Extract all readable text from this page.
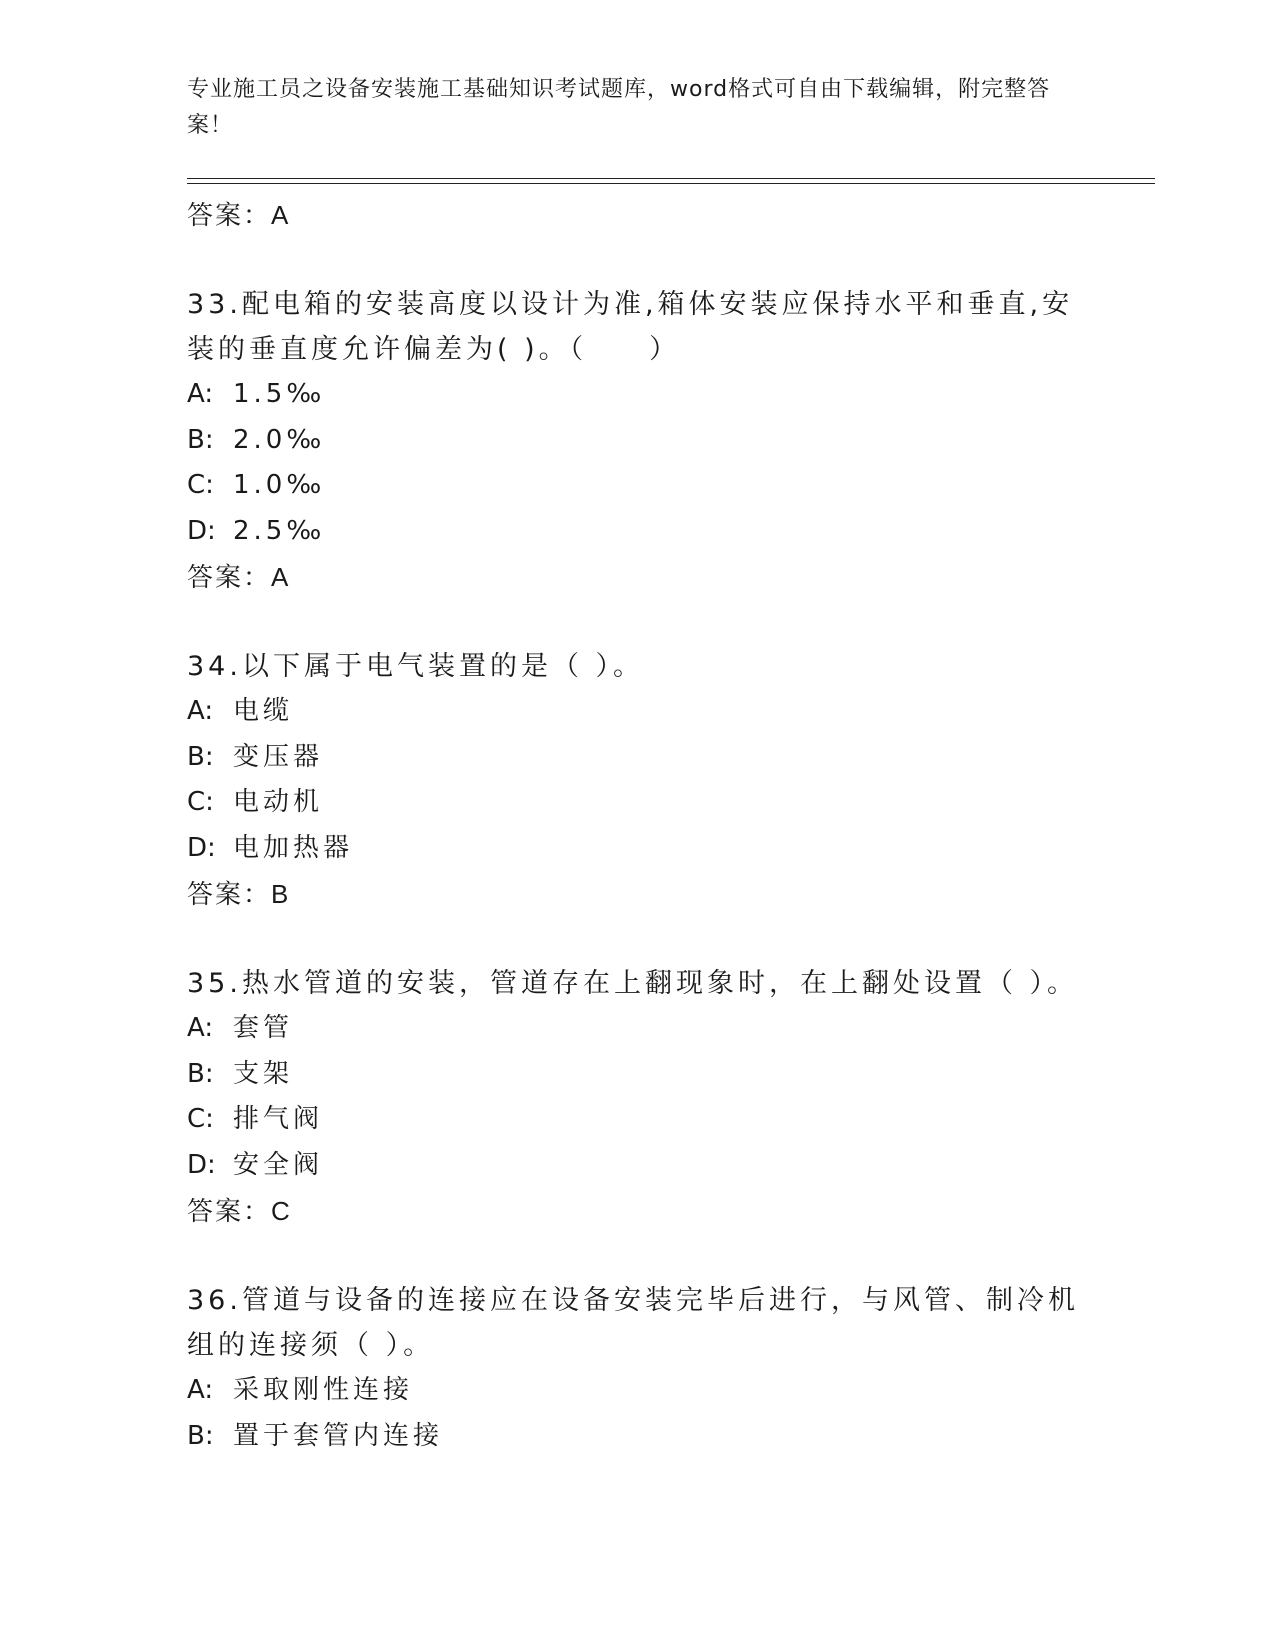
专业施工员之设备安装施工基础知识考试题库，word格式可自由下载编辑，附完整答案！
答案：A
33.配电箱的安装高度以设计为准,箱体安装应保持水平和垂直,安装的垂直度允许偏差为( )。（　　）
A: 1.5‰
B: 2.0‰
C: 1.0‰
D: 2.5‰
答案：A
34.以下属于电气装置的是（ ）。
A: 电缆
B: 变压器
C: 电动机
D: 电加热器
答案：B
35.热水管道的安装，管道存在上翻现象时，在上翻处设置（ ）。
A: 套管
B: 支架
C: 排气阀
D: 安全阀
答案：C
36.管道与设备的连接应在设备安装完毕后进行，与风管、制冷机组的连接须（ ）。
A: 采取刚性连接
B: 置于套管内连接
